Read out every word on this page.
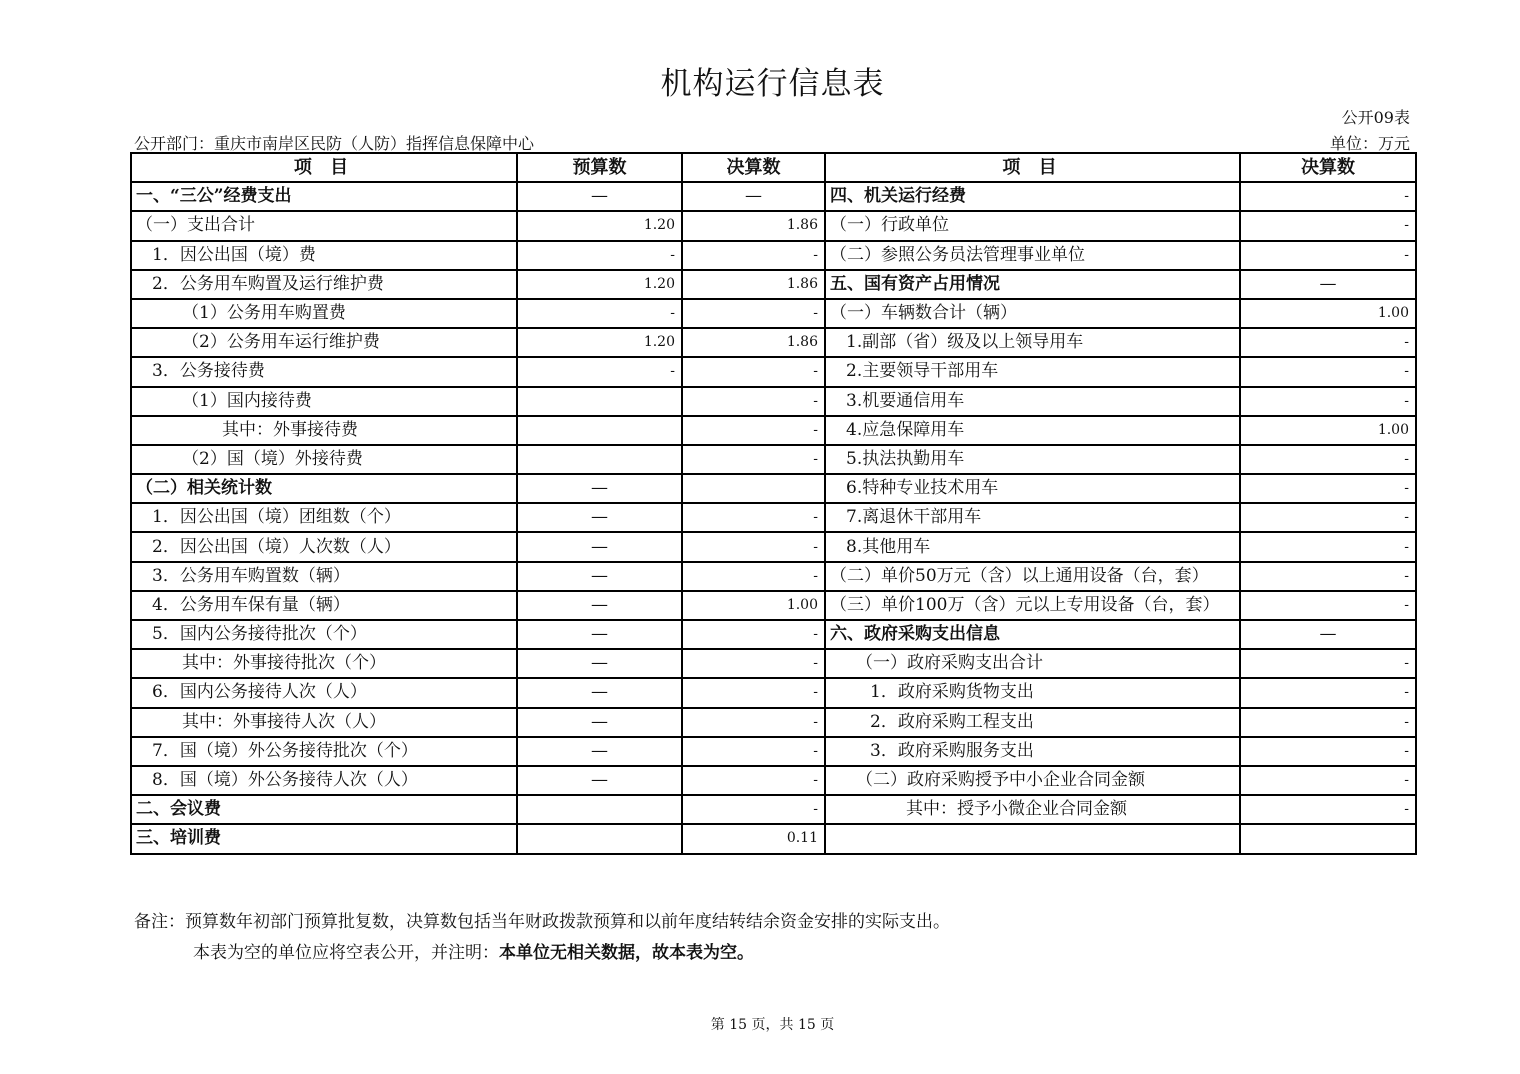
机构运行信息表
公开09表
公开部门：重庆市南岸区民防（人防）指挥信息保障中心	单位：万元
项 目	预算数	决算数	项 目	决算数
一、“三公”经费支出	—	—	四、机关运行经费	-
（一）支出合计	1.20	1.86	（一）行政单位	-
1．因公出国（境）费	-	-	（二）参照公务员法管理事业单位	-
2．公务用车购置及运行维护费	1.20	1.86	五、国有资产占用情况	—
（1）公务用车购置费	-	-	（一）车辆数合计（辆）	1.00
（2）公务用车运行维护费	1.20	1.86	1.副部（省）级及以上领导用车	-
3．公务接待费	-	-	2.主要领导干部用车	-
（1）国内接待费		-	3.机要通信用车	-
其中：外事接待费		-	4.应急保障用车	1.00
（2）国（境）外接待费		-	5.执法执勤用车	-
（二）相关统计数	—		6.特种专业技术用车	-
1．因公出国（境）团组数（个）	—	-	7.离退休干部用车	-
2．因公出国（境）人次数（人）	—	-	8.其他用车	-
3．公务用车购置数（辆）	—	-	（二）单价50万元（含）以上通用设备（台，套）	-
4．公务用车保有量（辆）	—	1.00	（三）单价100万（含）元以上专用设备（台，套）	-
5．国内公务接待批次（个）	—	-	六、政府采购支出信息	—
其中：外事接待批次（个）	—	-	（一）政府采购支出合计	-
6．国内公务接待人次（人）	—	-	1．政府采购货物支出	-
其中：外事接待人次（人）	—	-	2．政府采购工程支出	-
7．国（境）外公务接待批次（个）	—	-	3．政府采购服务支出	-
8．国（境）外公务接待人次（人）	—	-	（二）政府采购授予中小企业合同金额	-
二、会议费		-	其中：授予小微企业合同金额	-
三、培训费		0.11		
备注：预算数年初部门预算批复数，决算数包括当年财政拨款预算和以前年度结转结余资金安排的实际支出。
本表为空的单位应将空表公开，并注明：本单位无相关数据，故本表为空。
第 15 页，共 15 页
